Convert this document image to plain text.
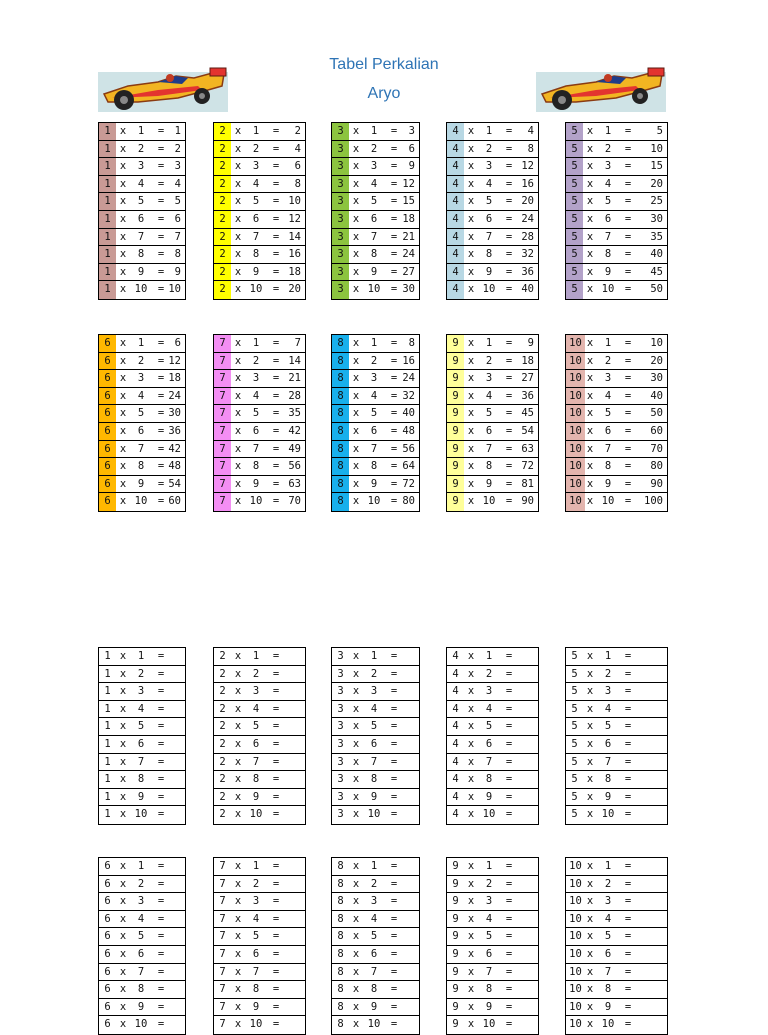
Tabel Perkalian
Aryo
1 x	1	=	1
1 x	2	=	2
1 x	3	=	3
1 x	4	=	4
1 x	5	=	5
1 x	6	=	6
1 x	7	=	7
1 x	8	=	8
1 x	9	=	9
1 x 10	= 10
2 x	1	=	2
2 x	2	=	4
2 x	3	=	6
2 x	4	=	8
2 x	5	= 10
2 x	6	= 12
2 x	7	= 14
2 x	8	= 16
2 x	9	= 18
2 x 10	= 20
3 x	1	=	3
3 x	2	=	6
3 x	3	=	9
3 x	4	= 12
3 x	5	= 15
3 x	6	= 18
3 x	7	= 21
3 x	8	= 24
3 x	9	= 27
3 x 10	= 30
4 x	1	=	4
4 x	2	=	8
4 x	3	= 12
4 x	4	= 16
4 x	5	= 20
4 x	6	= 24
4 x	7	= 28
4 x	8	= 32
4 x	9	= 36
4 x 10	= 40
5 x	1	=	5
5 x	2	=	10
5 x	3	=	15
5 x	4	=	20
5 x	5	=	25
5 x	6	=	30
5 x	7	=	35
5 x	8	=	40
5 x	9	=	45
5 x 10	=	50
6 x	1	=	6
6 x	2	= 12
6 x	3	= 18
6 x	4	= 24
6 x	5	= 30
6 x	6	= 36
6 x	7	= 42
6 x	8	= 48
6 x	9	= 54
6 x 10	= 60
7 x	1	=	7
7 x	2	= 14
7 x	3	= 21
7 x	4	= 28
7 x	5	= 35
7 x	6	= 42
7 x	7	= 49
7 x	8	= 56
7 x	9	= 63
7 x 10	= 70
8 x	1	=	8
8 x	2	= 16
8 x	3	= 24
8 x	4	= 32
8 x	5	= 40
8 x	6	= 48
8 x	7	= 56
8 x	8	= 64
8 x	9	= 72
8 x 10	= 80
9 x	1	=	9
9 x	2	= 18
9 x	3	= 27
9 x	4	= 36
9 x	5	= 45
9 x	6	= 54
9 x	7	= 63
9 x	8	= 72
9 x	9	= 81
9 x 10	= 90
10 x	1	=	10
10 x	2	=	20
10 x	3	=	30
10 x	4	=	40
10 x	5	=	50
10 x	6	=	60
10 x	7	=	70
10 x	8	=	80
10 x	9	=	90
10 x 10	=	100
1 x	1	=
1 x	2	=
1 x	3	=
1 x	4	=
1 x	5	=
1 x	6	=
1 x	7	=
1 x	8	=
1 x	9	=
1 x 10	=
2 x	1	=
2 x	2	=
2 x	3	=
2 x	4	=
2 x	5	=
2 x	6	=
2 x	7	=
2 x	8	=
2 x	9	=
2 x 10	=
3 x	1	=
3 x	2	=
3 x	3	=
3 x	4	=
3 x	5	=
3 x	6	=
3 x	7	=
3 x	8	=
3 x	9	=
3 x 10	=
4 x	1	=
4 x	2	=
4 x	3	=
4 x	4	=
4 x	5	=
4 x	6	=
4 x	7	=
4 x	8	=
4 x	9	=
4 x 10	=
5 x	1	=
5 x	2	=
5 x	3	=
5 x	4	=
5 x	5	=
5 x	6	=
5 x	7	=
5 x	8	=
5 x	9	=
5 x 10	=
6 x	1	=
6 x	2	=
6 x	3	=
6 x	4	=
6 x	5	=
6 x	6	=
6 x	7	=
6 x	8	=
6 x	9	=
6 x 10	=
7 x	1	=
7 x	2	=
7 x	3	=
7 x	4	=
7 x	5	=
7 x	6	=
7 x	7	=
7 x	8	=
7 x	9	=
7 x 10	=
8 x	1	=
8 x	2	=
8 x	3	=
8 x	4	=
8 x	5	=
8 x	6	=
8 x	7	=
8 x	8	=
8 x	9	=
8 x 10	=
9 x	1	=
9 x	2	=
9 x	3	=
9 x	4	=
9 x	5	=
9 x	6	=
9 x	7	=
9 x	8	=
9 x	9	=
9 x 10	=
10 x	1	=
10 x	2	=
10 x	3	=
10 x	4	=
10 x	5	=
10 x	6	=
10 x	7	=
10 x	8	=
10 x	9	=
10 x 10	=
